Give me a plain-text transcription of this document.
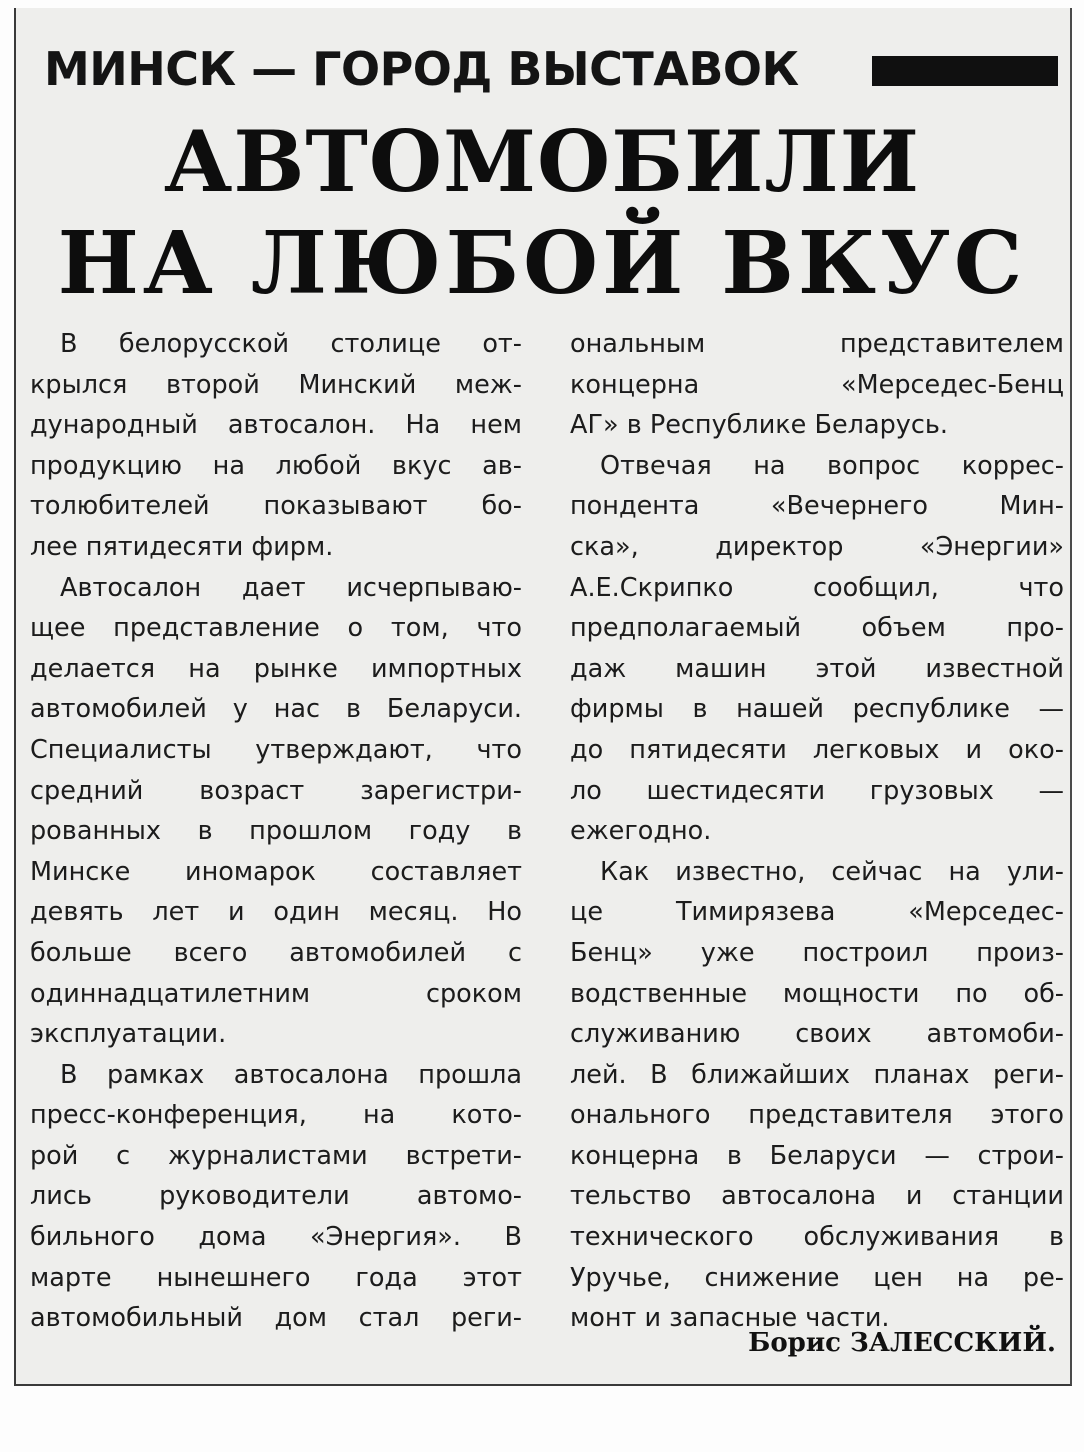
МИНСК — ГОРОД ВЫСТАВОК
АВТОМОБИЛИ
НА ЛЮБОЙ ВКУС
В белорусской столице от-
крылся второй Минский меж-
дународный автосалон. На нем
продукцию на любой вкус ав-
толюбителей показывают бо-
лее пятидесяти фирм.
Автосалон дает исчерпываю-
щее представление о том, что
делается на рынке импортных
автомобилей у нас в Беларуси.
Специалисты утверждают, что
средний возраст зарегистри-
рованных в прошлом году в
Минске иномарок составляет
девять лет и один месяц. Но
больше всего автомобилей с
одиннадцатилетним сроком
эксплуатации.
В рамках автосалона прошла
пресс-конференция, на кото-
рой с журналистами встрети-
лись руководители автомо-
бильного дома «Энергия». В
марте нынешнего года этот
автомобильный дом стал реги-
ональным представителем
концерна «Мерседес-Бенц
АГ» в Республике Беларусь.
Отвечая на вопрос коррес-
пондента «Вечернего Мин-
ска», директор «Энергии»
А.Е.Скрипко сообщил, что
предполагаемый объем про-
даж машин этой известной
фирмы в нашей республике —
до пятидесяти легковых и око-
ло шестидесяти грузовых —
ежегодно.
Как известно, сейчас на ули-
це Тимирязева «Мерседес-
Бенц» уже построил произ-
водственные мощности по об-
служиванию своих автомоби-
лей. В ближайших планах реги-
онального представителя этого
концерна в Беларуси — строи-
тельство автосалона и станции
технического обслуживания в
Уручье, снижение цен на ре-
монт и запасные части.
Борис ЗАЛЕССКИЙ.
